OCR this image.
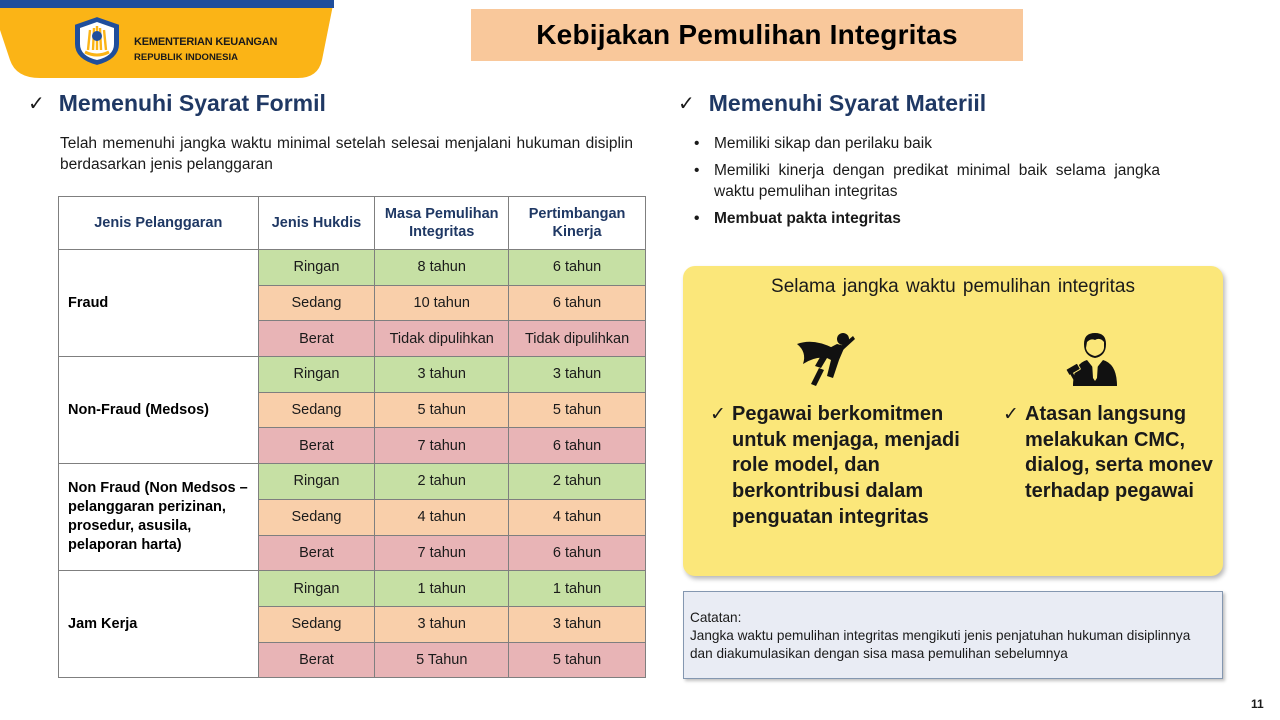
KEMENTERIAN KEUANGAN
REPUBLIK INDONESIA
Kebijakan Pemulihan Integritas
✓ Memenuhi Syarat Formil
Telah memenuhi jangka waktu minimal setelah selesai menjalani hukuman disiplin berdasarkan jenis pelanggaran
Jenis Pelanggaran	Jenis Hukdis	Masa Pemulihan Integritas	Pertimbangan Kinerja
Fraud	Ringan	8 tahun	6 tahun
	Sedang	10 tahun	6 tahun
	Berat	Tidak dipulihkan	Tidak dipulihkan
Non-Fraud (Medsos)	Ringan	3 tahun	3 tahun
	Sedang	5 tahun	5 tahun
	Berat	7 tahun	6 tahun
Non Fraud (Non Medsos – pelanggaran perizinan, prosedur, asusila, pelaporan harta)	Ringan	2 tahun	2 tahun
	Sedang	4 tahun	4 tahun
	Berat	7 tahun	6 tahun
Jam Kerja	Ringan	1 tahun	1 tahun
	Sedang	3 tahun	3 tahun
	Berat	5 Tahun	5 tahun
✓ Memenuhi Syarat Materiil
• Memiliki sikap dan perilaku baik
• Memiliki kinerja dengan predikat minimal baik selama jangka waktu pemulihan integritas
• Membuat pakta integritas
Selama jangka waktu pemulihan integritas
✓ Pegawai berkomitmen untuk menjaga, menjadi role model, dan berkontribusi dalam penguatan integritas
✓ Atasan langsung melakukan CMC, dialog, serta monev terhadap pegawai
Catatan:
Jangka waktu pemulihan integritas mengikuti jenis penjatuhan hukuman disiplinnya dan diakumulasikan dengan sisa masa pemulihan sebelumnya
11
